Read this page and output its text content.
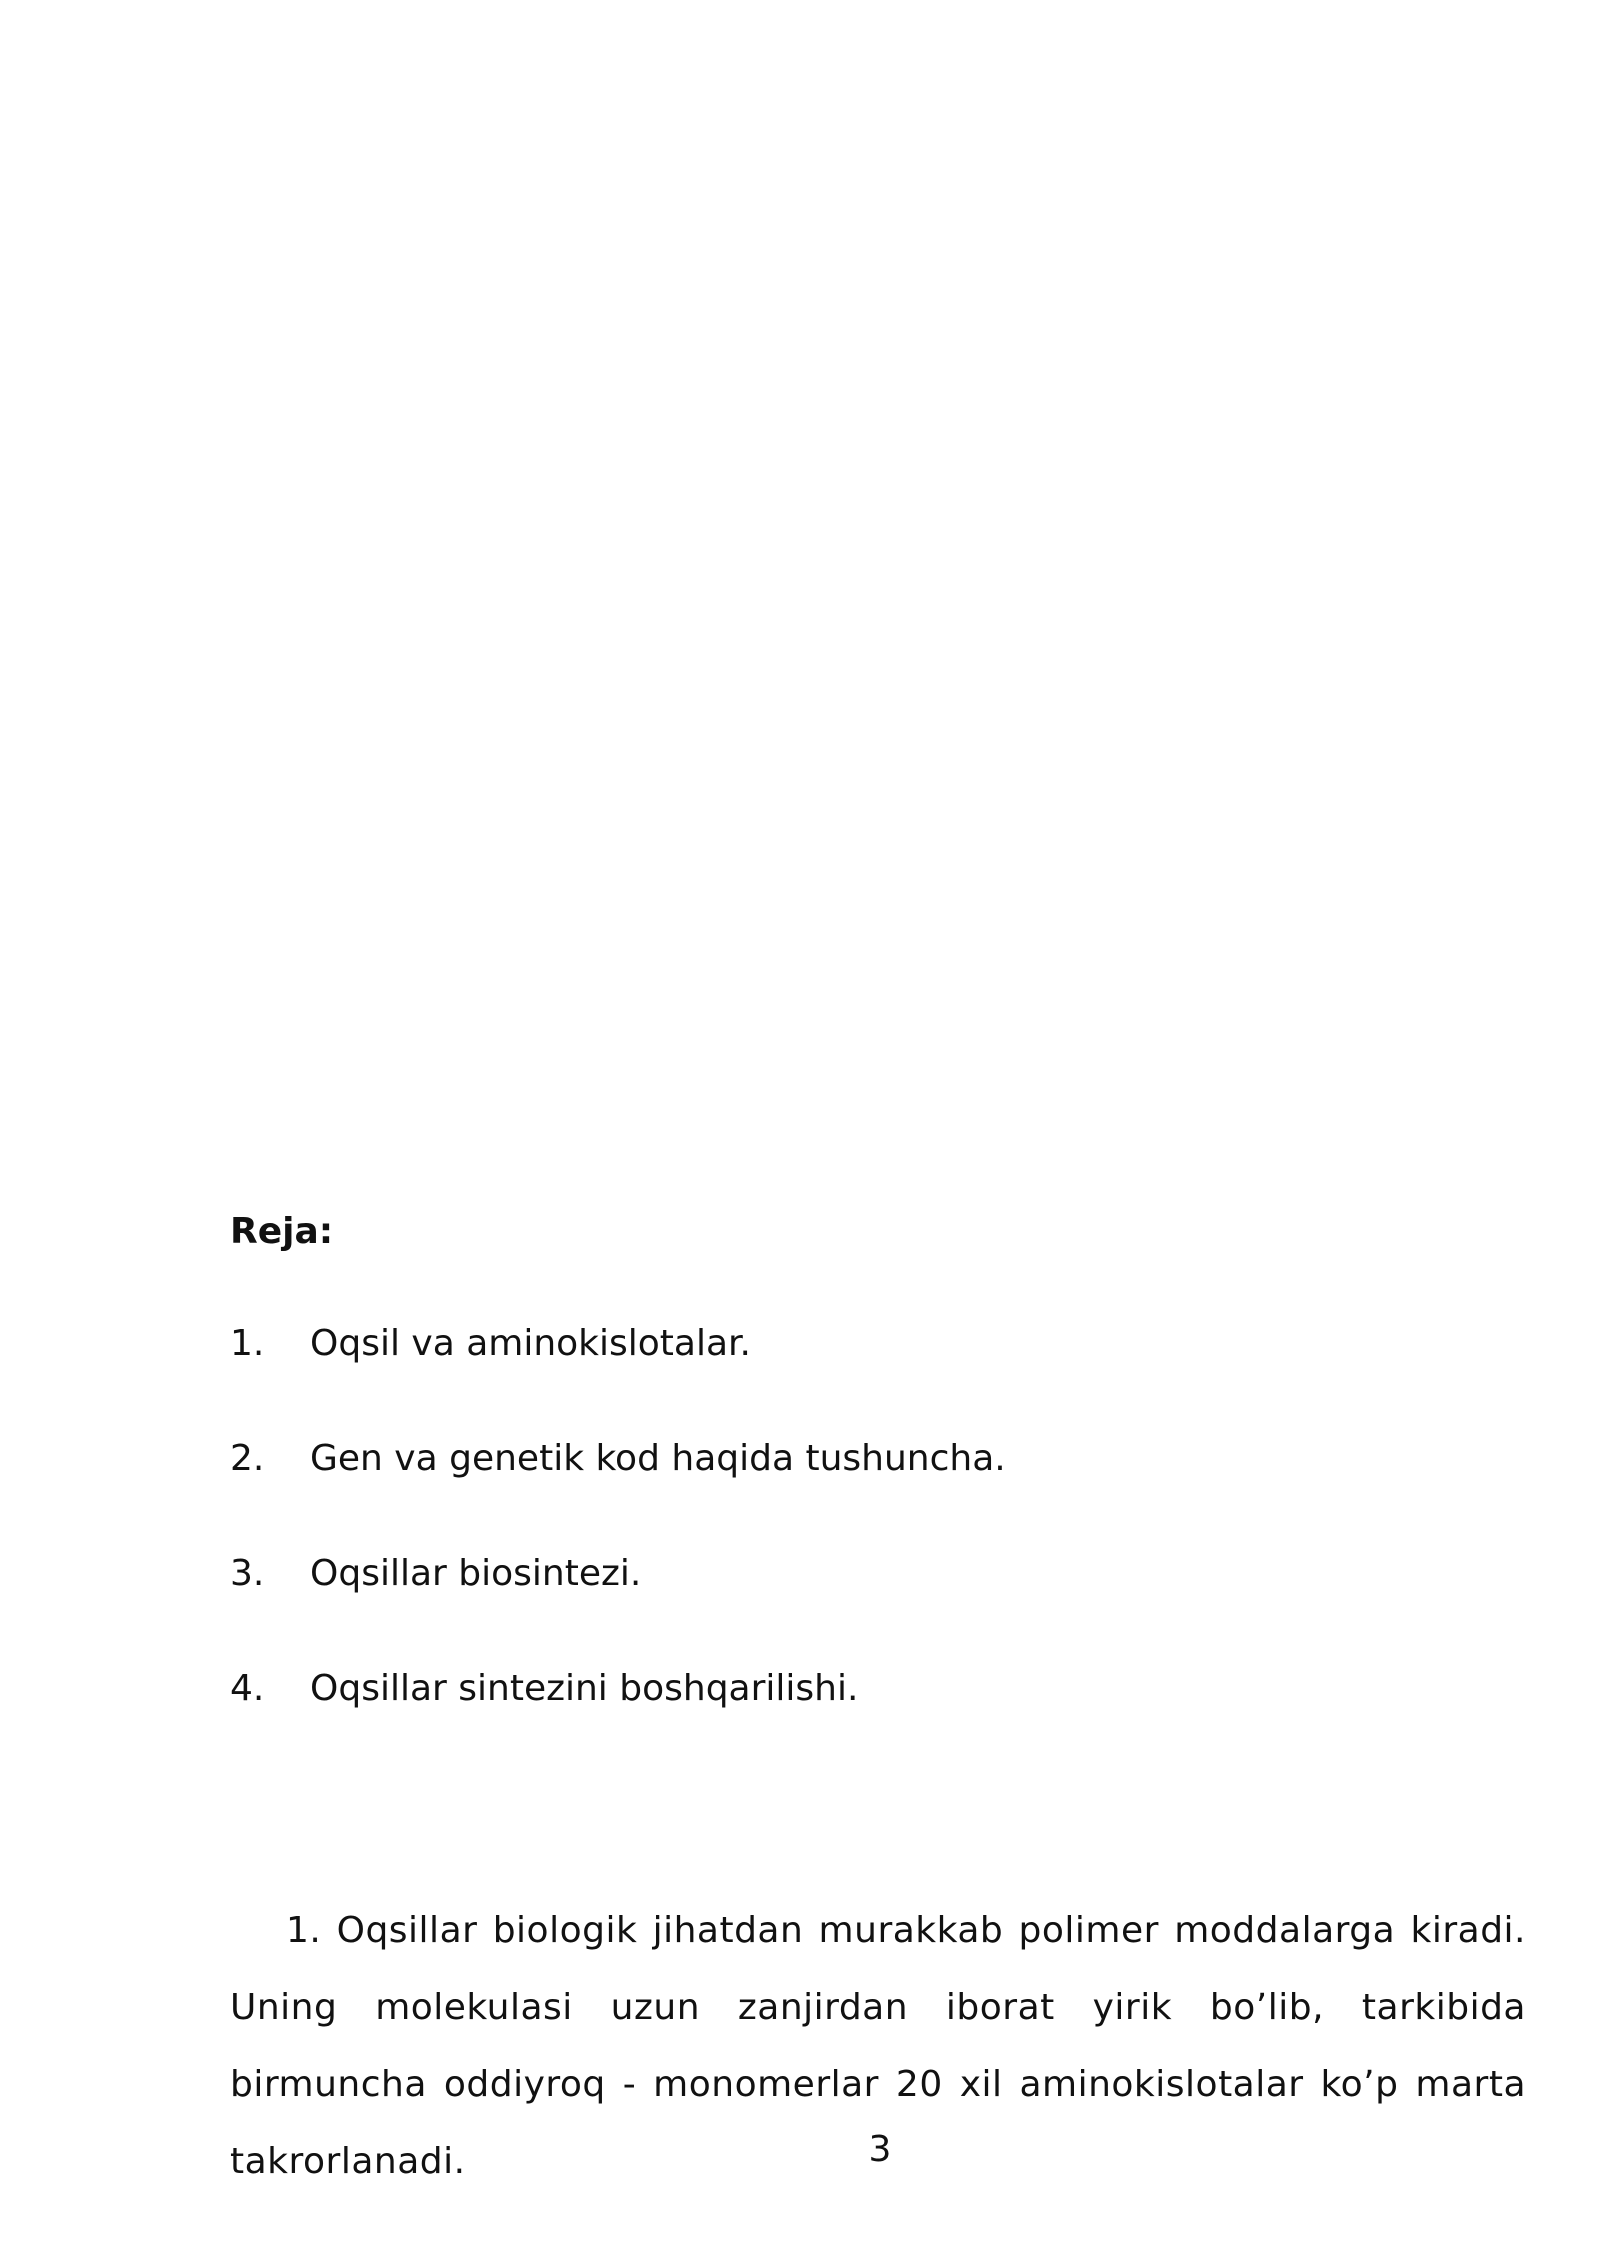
Reja:
1. Oqsil va aminokislotalar.
2. Gen va genetik kod haqida tushuncha.
3. Oqsillar biosintezi.
4. Oqsillar sintezini boshqarilishi.

1. Oqsillar biologik jihatdan murakkab polimer moddalarga kiradi. Uning molekulasi uzun zanjirdan iborat yirik bo’lib, tarkibida birmuncha oddiyroq - monomerlar 20 xil aminokislotalar ko’p marta takrorlanadi.	3
